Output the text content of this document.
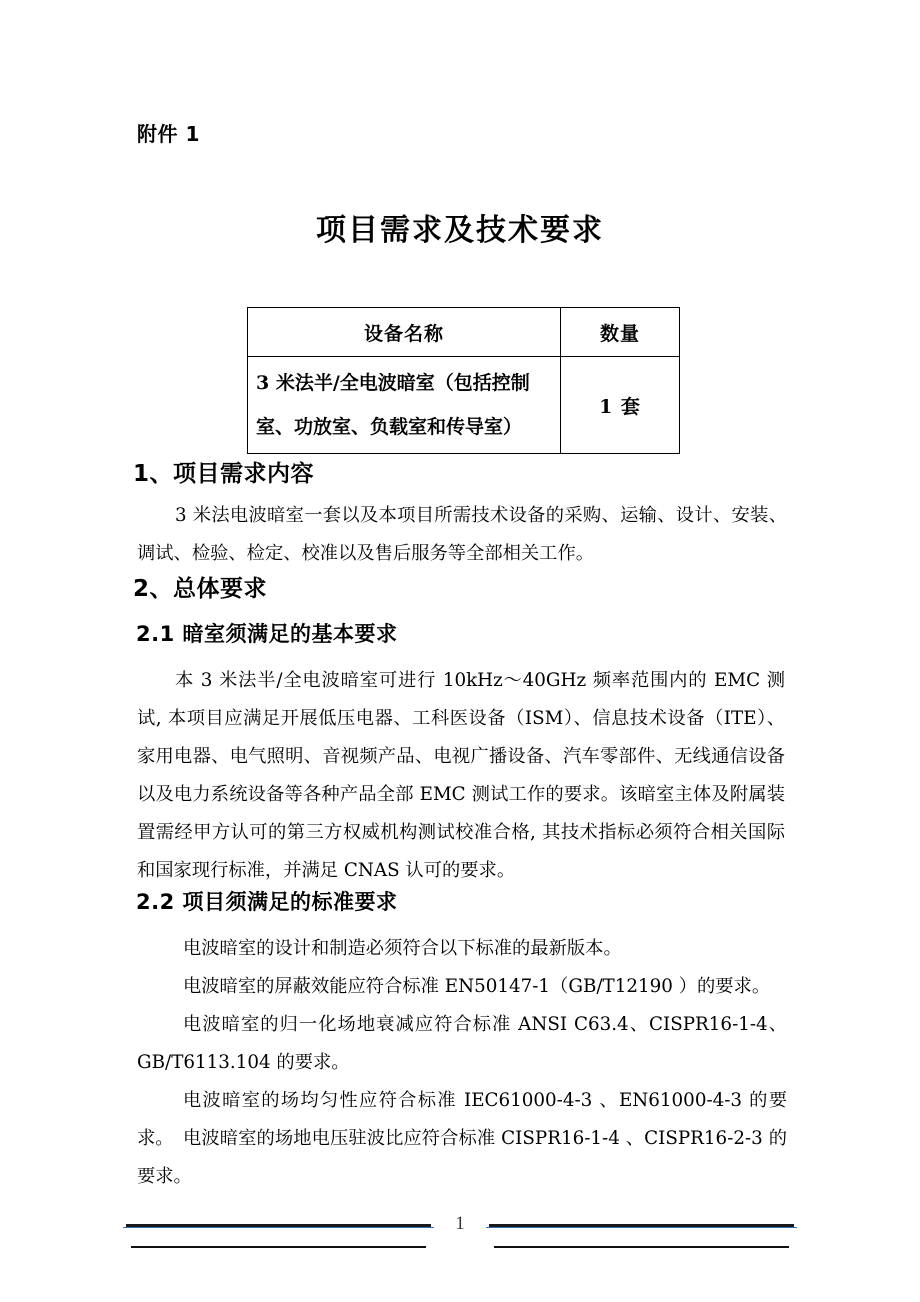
附件 1
项目需求及技术要求
设备名称	数量
3 米法半/全电波暗室（包括控制室、功放室、负载室和传导室）	1 套
1、项目需求内容
3 米法电波暗室一套以及本项目所需技术设备的采购、运输、设计、安装、调试、检验、检定、校准以及售后服务等全部相关工作。
2、总体要求
2.1 暗室须满足的基本要求
本 3 米法半/全电波暗室可进行 10kHz～40GHz 频率范围内的 EMC 测试, 本项目应满足开展低压电器、工科医设备（ISM）、信息技术设备（ITE）、家用电器、电气照明、音视频产品、电视广播设备、汽车零部件、无线通信设备以及电力系统设备等各种产品全部 EMC 测试工作的要求。该暗室主体及附属装置需经甲方认可的第三方权威机构测试校准合格, 其技术指标必须符合相关国际和国家现行标准，并满足 CNAS 认可的要求。
2.2 项目须满足的标准要求
电波暗室的设计和制造必须符合以下标准的最新版本。
电波暗室的屏蔽效能应符合标准 EN50147-1（GB/T12190 ）的要求。
电波暗室的归一化场地衰减应符合标准 ANSI C63.4、CISPR16-1-4、GB/T6113.104 的要求。
电波暗室的场均匀性应符合标准 IEC61000-4-3 、EN61000-4-3 的要求。 电波暗室的场地电压驻波比应符合标准 CISPR16-1-4 、CISPR16-2-3 的要求。
1
